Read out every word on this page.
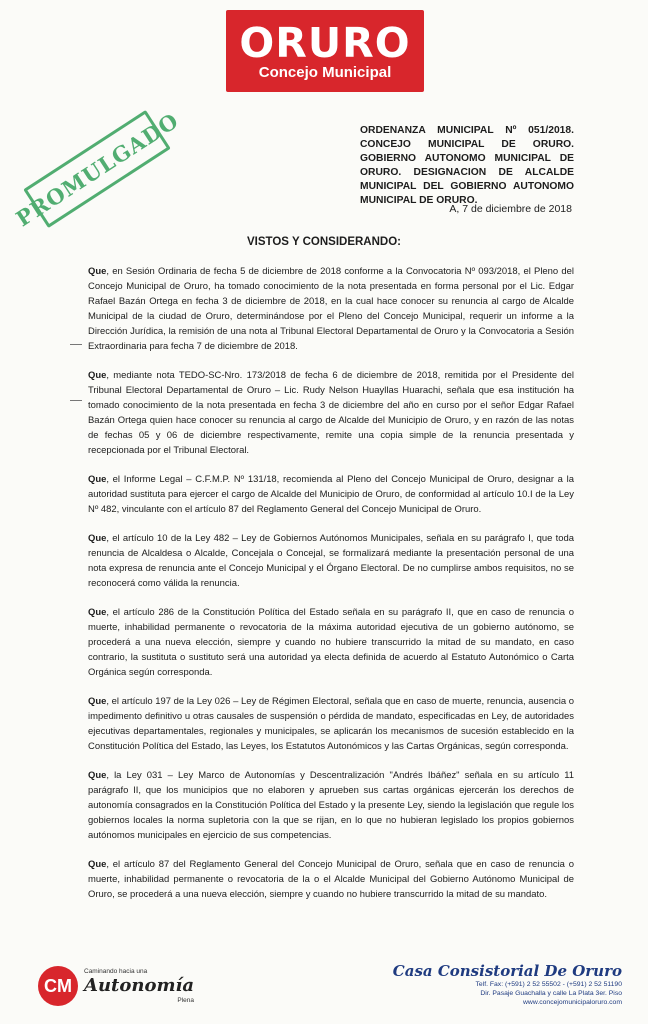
ORURO
Concejo Municipal
PROMULGADO	ORDENANZA MUNICIPAL Nº 051/2018. CONCEJO MUNICIPAL DE ORURO. GOBIERNO AUTONOMO MUNICIPAL DE ORURO. DESIGNACION DE ALCALDE MUNICIPAL DEL GOBIERNO AUTONOMO MUNICIPAL DE ORURO.
A, 7 de diciembre de 2018
VISTOS Y CONSIDERANDO:

Que, en Sesión Ordinaria de fecha 5 de diciembre de 2018 conforme a la Convocatoria Nº 093/2018, el Pleno del Concejo Municipal de Oruro, ha tomado conocimiento de la nota presentada en forma personal por el Lic. Edgar Rafael Bazán Ortega en fecha 3 de diciembre de 2018, en la cual hace conocer su renuncia al cargo de Alcalde Municipal de la ciudad de Oruro, determinándose por el Pleno del Concejo Municipal, requerir un informe a la Dirección Jurídica, la remisión de una nota al Tribunal Electoral Departamental de Oruro y la Convocatoria a Sesión Extraordinaria para fecha 7 de diciembre de 2018.

Que, mediante nota TEDO-SC-Nro. 173/2018 de fecha 6 de diciembre de 2018, remitida por el Presidente del Tribunal Electoral Departamental de Oruro – Lic. Rudy Nelson Huayllas Huarachi, señala que esa institución ha tomado conocimiento de la nota presentada en fecha 3 de diciembre del año en curso por el señor Edgar Rafael Bazán Ortega quien hace conocer su renuncia al cargo de Alcalde del Municipio de Oruro, y en razón de las notas de fechas 05 y 06 de diciembre respectivamente, remite una copia simple de la renuncia presentada y recepcionada por el Tribunal Electoral.

Que, el Informe Legal – C.F.M.P. Nº 131/18, recomienda al Pleno del Concejo Municipal de Oruro, designar a la autoridad sustituta para ejercer el cargo de Alcalde del Municipio de Oruro, de conformidad al artículo 10.I de la Ley Nº 482, vinculante con el artículo 87 del Reglamento General del Concejo Municipal de Oruro.

Que, el artículo 10 de la Ley 482 – Ley de Gobiernos Autónomos Municipales, señala en su parágrafo I, que toda renuncia de Alcaldesa o Alcalde, Concejala o Concejal, se formalizará mediante la presentación personal de una nota expresa de renuncia ante el Concejo Municipal y el Órgano Electoral. De no cumplirse ambos requisitos, no se reconocerá como válida la renuncia.

Que, el artículo 286 de la Constitución Política del Estado señala en su parágrafo II, que en caso de renuncia o muerte, inhabilidad permanente o revocatoria de la máxima autoridad ejecutiva de un gobierno autónomo, se procederá a una nueva elección, siempre y cuando no hubiere transcurrido la mitad de su mandato, en caso contrario, la sustituta o sustituto será una autoridad ya electa definida de acuerdo al Estatuto Autonómico o Carta Orgánica según corresponda.

Que, el artículo 197 de la Ley 026 – Ley de Régimen Electoral, señala que en caso de muerte, renuncia, ausencia o impedimento definitivo u otras causales de suspensión o pérdida de mandato, especificadas en Ley, de autoridades ejecutivas departamentales, regionales y municipales, se aplicarán los mecanismos de sucesión establecido en la Constitución Política del Estado, las Leyes, los Estatutos Autonómicos y las Cartas Orgánicas, según corresponda.

Que, la Ley 031 – Ley Marco de Autonomías y Descentralización "Andrés Ibáñez" señala en su artículo 11 parágrafo II, que los municipios que no elaboren y aprueben sus cartas orgánicas ejercerán los derechos de autonomía consagrados en la Constitución Política del Estado y la presente Ley, siendo la legislación que regule los gobiernos locales la norma supletoria con la que se rijan, en lo que no hubieran legislado los propios gobiernos autónomos municipales en ejercicio de sus competencias.

Que, el artículo 87 del Reglamento General del Concejo Municipal de Oruro, señala que en caso de renuncia o muerte, inhabilidad permanente o revocatoria de la o el Alcalde Municipal del Gobierno Autónomo Municipal de Oruro, se procederá a una nueva elección, siempre y cuando no hubiere transcurrido la mitad de su mandato.

CM
Caminando hacia una
Autonomía
Plena
Casa Consistorial De Oruro
Telf. Fax: (+591) 2 52 55502 - (+591) 2 52 51190
Dir. Pasaje Guachalla y calle La Plata 3er. Piso
www.concejomunicipaloruro.com
